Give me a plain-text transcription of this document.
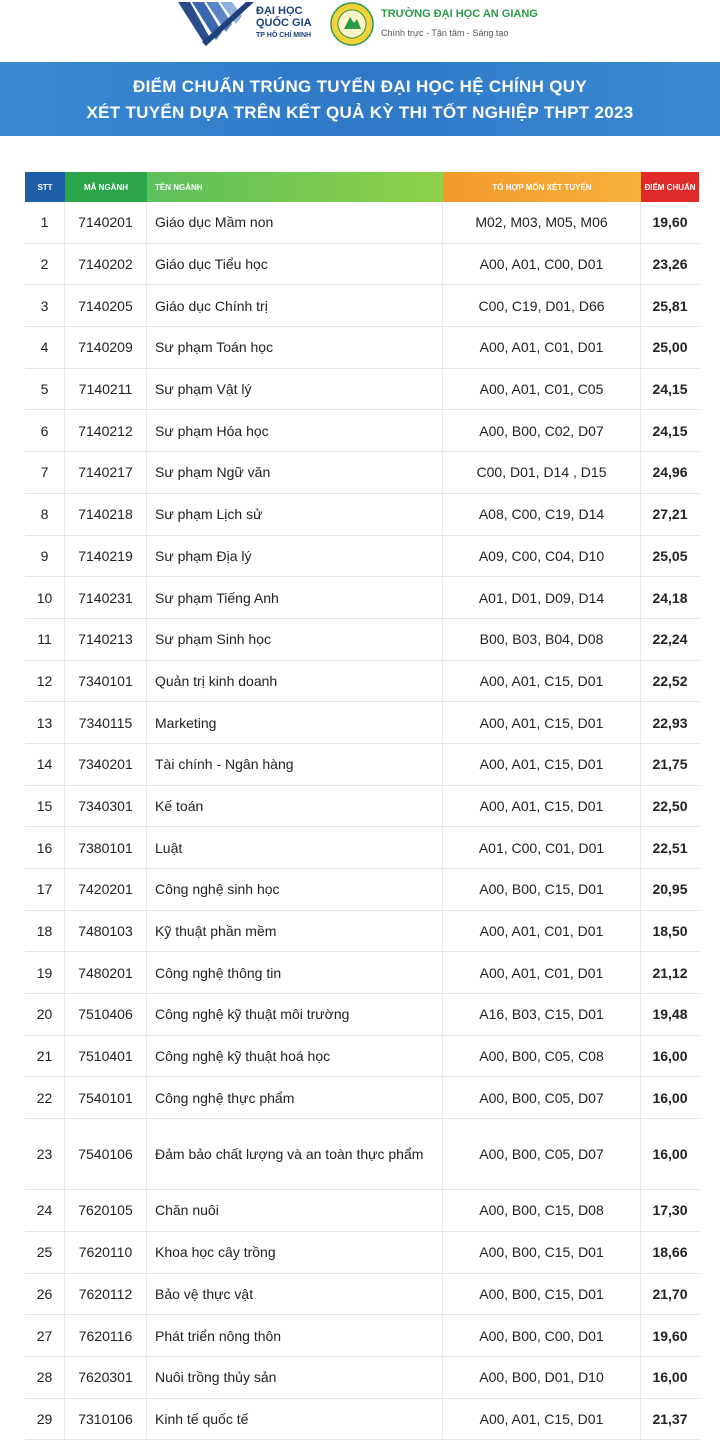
ĐẠI HỌC
QUỐC GIA
TP HỒ CHÍ MINH
TRƯỜNG ĐẠI HỌC AN GIANG
Chính trực - Tận tâm - Sáng tạo
ĐIỂM CHUẨN TRÚNG TUYỂN ĐẠI HỌC HỆ CHÍNH QUY
XÉT TUYỂN DỰA TRÊN KẾT QUẢ KỲ THI TỐT NGHIỆP THPT 2023
STT	MÃ NGÀNH	TÊN NGÀNH	TỔ HỢP MÔN XÉT TUYỂN	ĐIỂM CHUẨN
1	7140201	Giáo dục Mầm non	M02, M03, M05, M06	19,60
2	7140202	Giáo dục Tiểu học	A00, A01, C00, D01	23,26
3	7140205	Giáo dục Chính trị	C00, C19, D01, D66	25,81
4	7140209	Sư phạm Toán học	A00, A01, C01, D01	25,00
5	7140211	Sư phạm Vật lý	A00, A01, C01, C05	24,15
6	7140212	Sư phạm Hóa học	A00, B00, C02, D07	24,15
7	7140217	Sư phạm Ngữ văn	C00, D01, D14 , D15	24,96
8	7140218	Sư phạm Lịch sử	A08, C00, C19, D14	27,21
9	7140219	Sư phạm Địa lý	A09, C00, C04, D10	25,05
10	7140231	Sư phạm Tiếng Anh	A01, D01, D09, D14	24,18
11	7140213	Sư phạm Sinh học	B00, B03, B04, D08	22,24
12	7340101	Quản trị kinh doanh	A00, A01, C15, D01	22,52
13	7340115	Marketing	A00, A01, C15, D01	22,93
14	7340201	Tài chính - Ngân hàng	A00, A01, C15, D01	21,75
15	7340301	Kế toán	A00, A01, C15, D01	22,50
16	7380101	Luật	A01, C00, C01, D01	22,51
17	7420201	Công nghệ sinh học	A00, B00, C15, D01	20,95
18	7480103	Kỹ thuật phần mềm	A00, A01, C01, D01	18,50
19	7480201	Công nghệ thông tin	A00, A01, C01, D01	21,12
20	7510406	Công nghệ kỹ thuật môi trường	A16, B03, C15, D01	19,48
21	7510401	Công nghệ kỹ thuật hoá học	A00, B00, C05, C08	16,00
22	7540101	Công nghệ thực phẩm	A00, B00, C05, D07	16,00
23	7540106	Đảm bảo chất lượng và an toàn thực phẩm	A00, B00, C05, D07	16,00
24	7620105	Chăn nuôi	A00, B00, C15, D08	17,30
25	7620110	Khoa học cây trồng	A00, B00, C15, D01	18,66
26	7620112	Bảo vệ thực vật	A00, B00, C15, D01	21,70
27	7620116	Phát triển nông thôn	A00, B00, C00, D01	19,60
28	7620301	Nuôi trồng thủy sản	A00, B00, D01, D10	16,00
29	7310106	Kinh tế quốc tế	A00, A01, C15, D01	21,37
